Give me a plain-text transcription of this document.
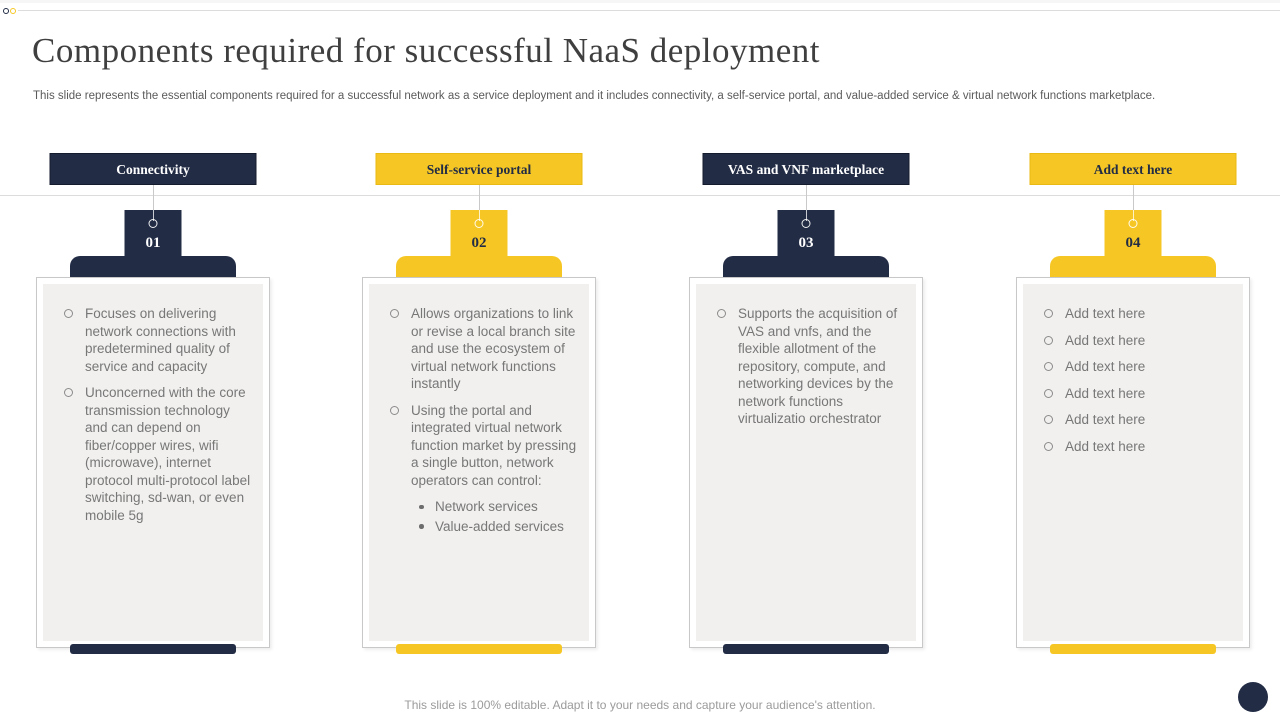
Components required for successful NaaS deployment

This slide represents the essential components required for a successful network as a service deployment and it includes connectivity, a self-service portal, and value-added service & virtual network functions marketplace.

Connectivity
01
Focuses on delivering network connections with predetermined quality of service and capacity
Unconcerned with the core transmission technology and can depend on fiber/copper wires, wifi (microwave), internet protocol multi-protocol label switching, sd-wan, or even mobile 5g
Self-service portal
02
Allows organizations to link or revise a local branch site and use the ecosystem of virtual network functions instantly
Using the portal and integrated virtual network function market by pressing a single button, network operators can control:
Network services
Value-added services
VAS and VNF marketplace
03
Supports the acquisition of VAS and vnfs, and the flexible allotment of the repository, compute, and networking devices by the network functions virtualizatio orchestrator
Add text here
04
Add text here
Add text here
Add text here
Add text here
Add text here
Add text here

This slide is 100% editable. Adapt it to your needs and capture your audience's attention.
